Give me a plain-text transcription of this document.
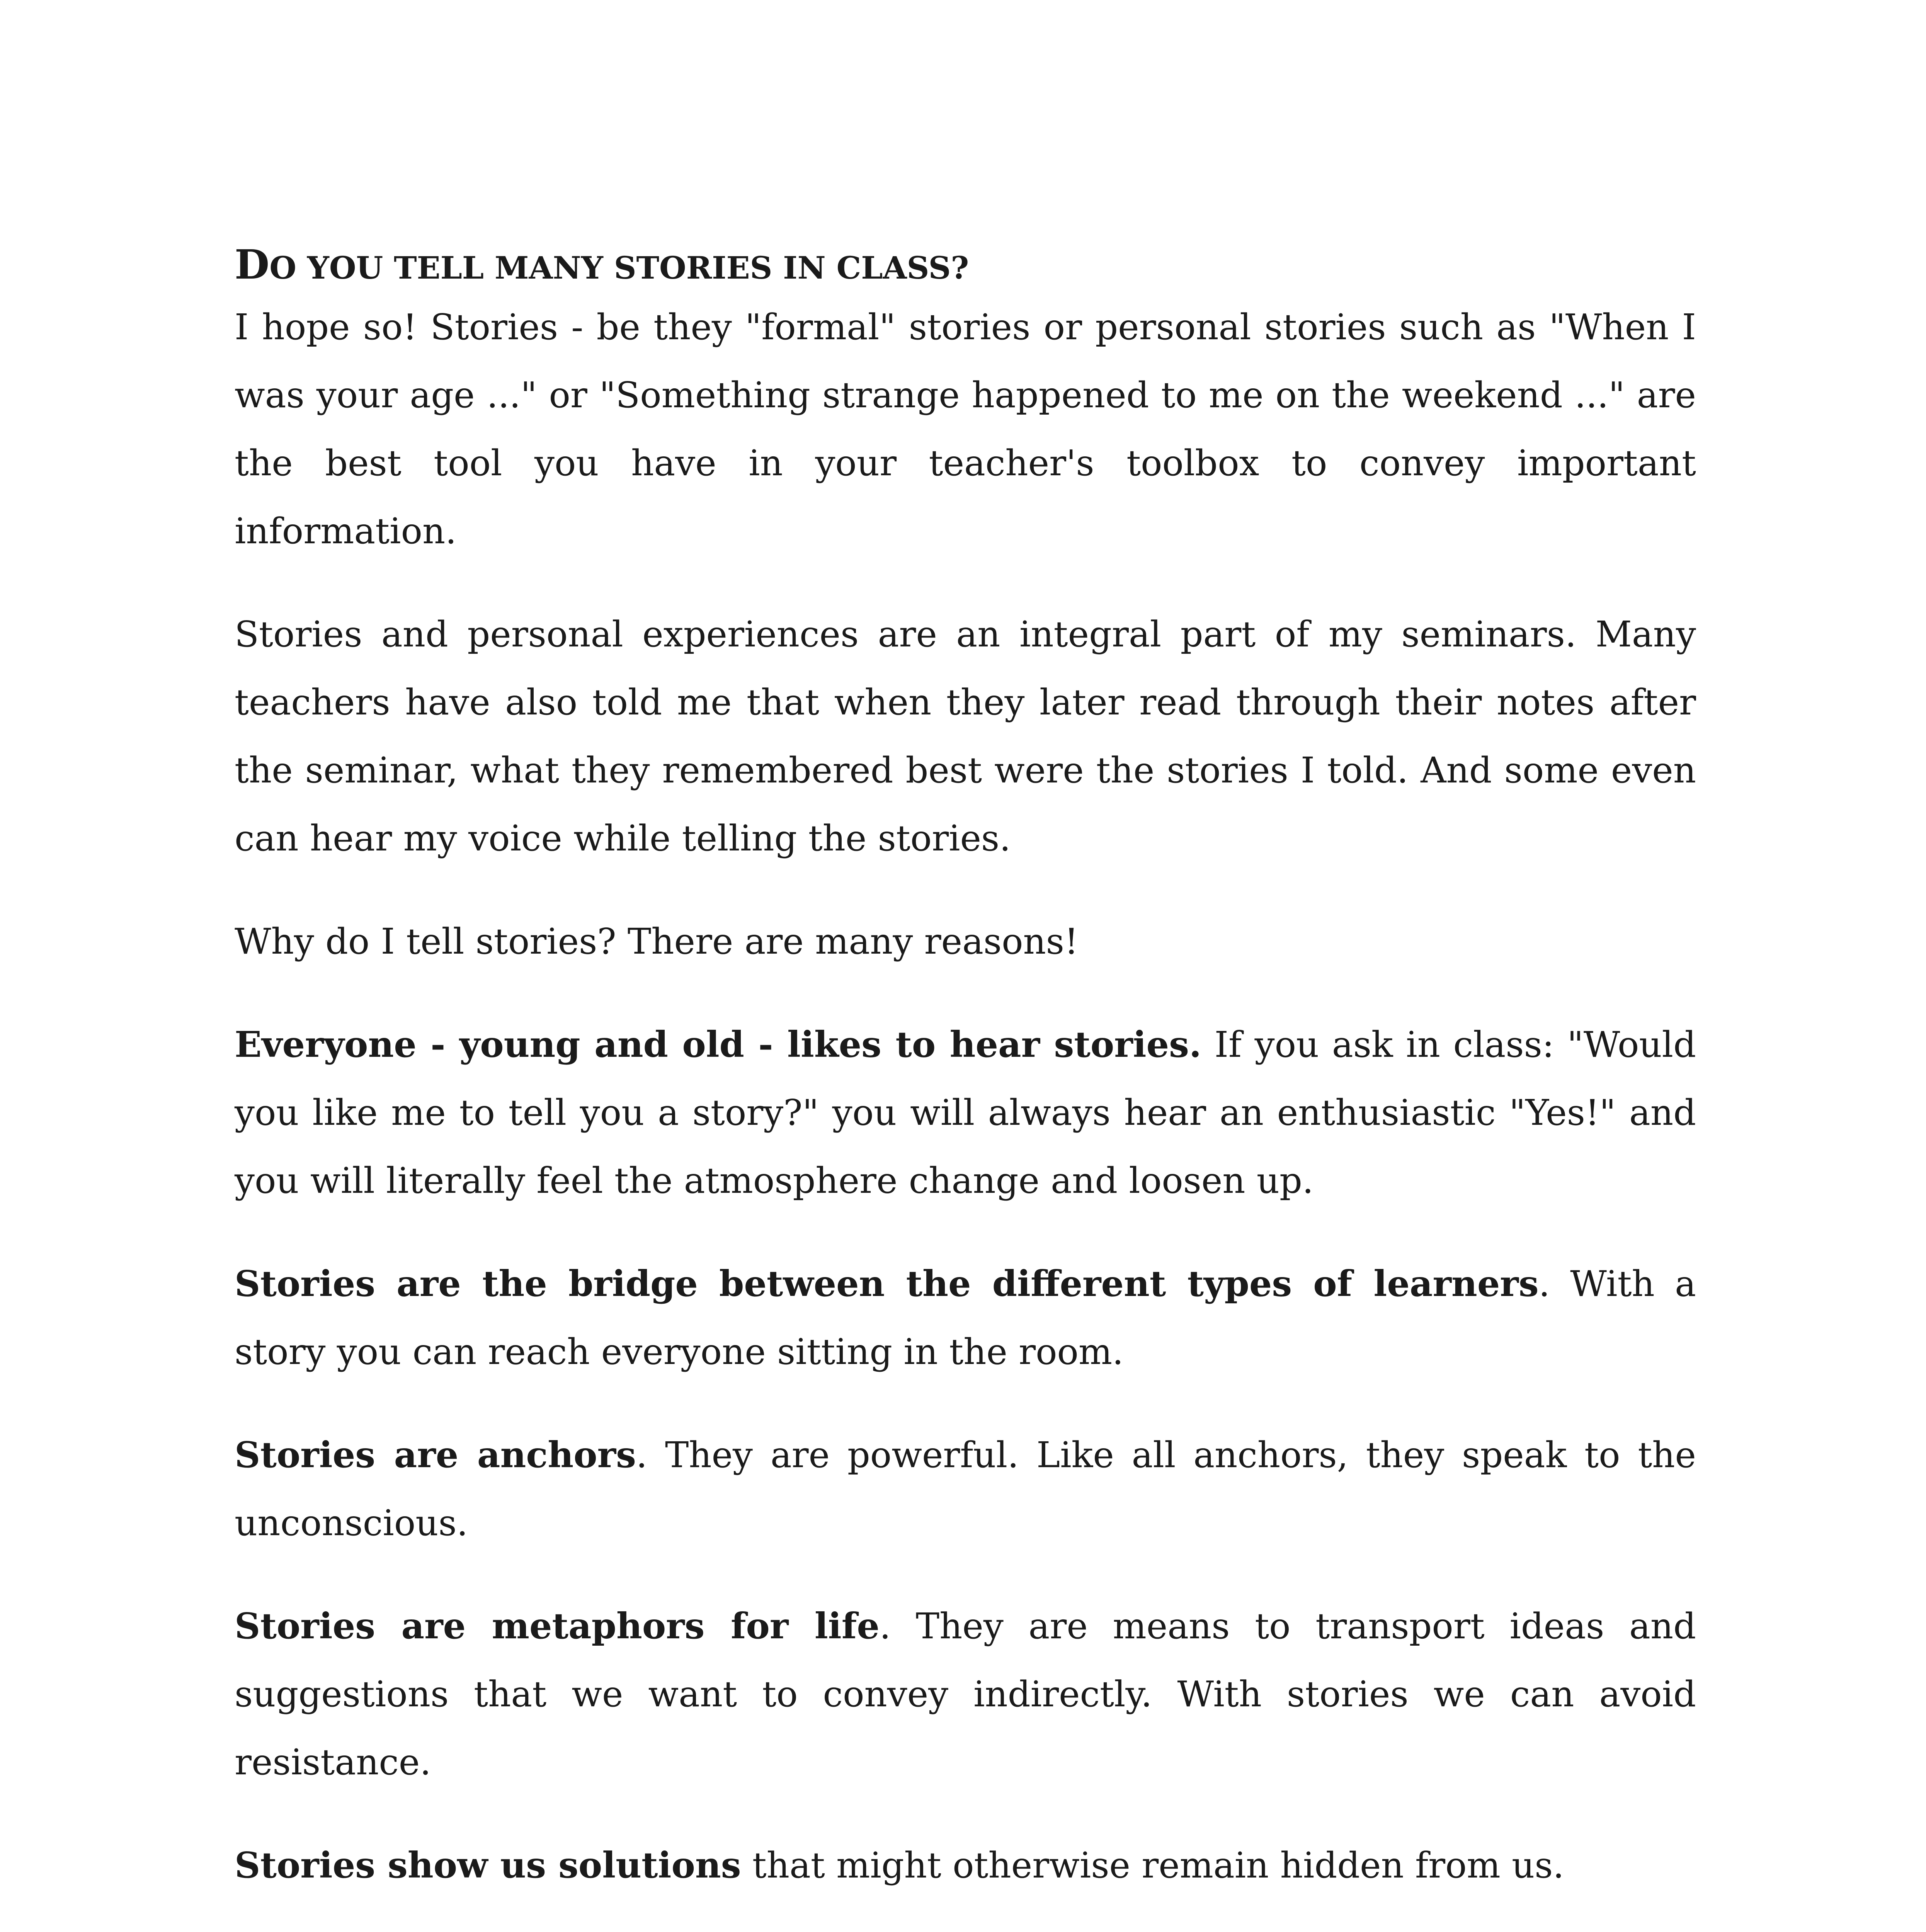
DO YOU TELL MANY STORIES IN CLASS?

I hope so! Stories - be they "formal" stories or personal stories such as "When I was your age ..." or "Something strange happened to me on the weekend ..." are the best tool you have in your teacher's toolbox to convey important information.

Stories and personal experiences are an integral part of my seminars. Many teachers have also told me that when they later read through their notes after the seminar, what they remembered best were the stories I told. And some even can hear my voice while telling the stories.

Why do I tell stories? There are many reasons!

Everyone - young and old - likes to hear stories. If you ask in class: "Would you like me to tell you a story?" you will always hear an enthusiastic "Yes!" and you will literally feel the atmosphere change and loosen up.

Stories are the bridge between the different types of learners. With a story you can reach everyone sitting in the room.

Stories are anchors. They are powerful. Like all anchors, they speak to the unconscious.

Stories are metaphors for life. They are means to transport ideas and suggestions that we want to convey indirectly. With stories we can avoid resistance.

Stories show us solutions that might otherwise remain hidden from us.
